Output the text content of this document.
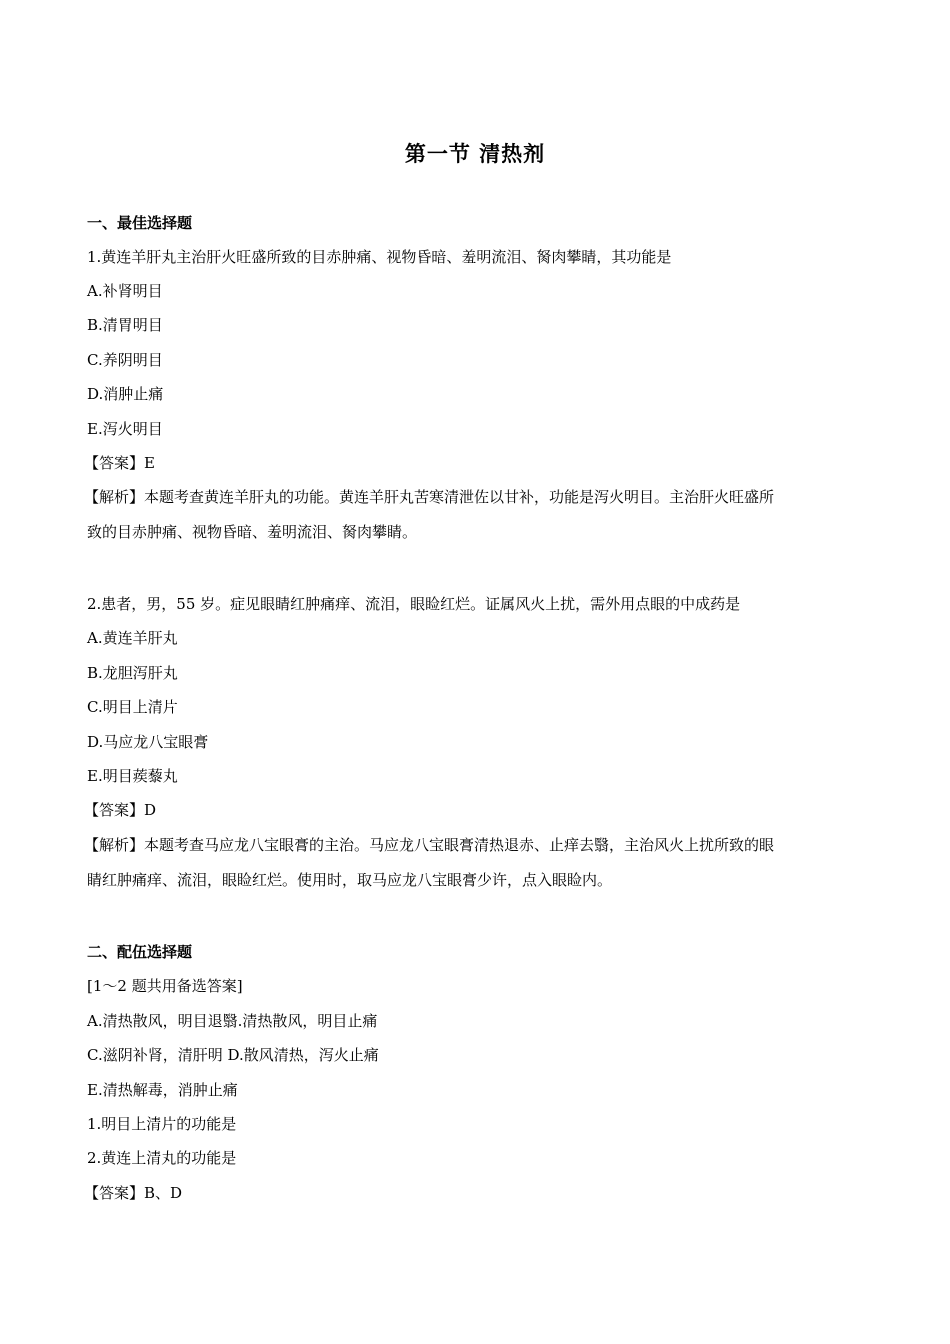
第一节 清热剂
一、最佳选择题
1.黄连羊肝丸主治肝火旺盛所致的目赤肿痛、视物昏暗、羞明流泪、胬肉攀睛，其功能是
A.补肾明目
B.清胃明目
C.养阴明目
D.消肿止痛
E.泻火明目
【答案】E
【解析】本题考查黄连羊肝丸的功能。黄连羊肝丸苦寒清泄佐以甘补，功能是泻火明目。主治肝火旺盛所
致的目赤肿痛、视物昏暗、羞明流泪、胬肉攀睛。
2.患者，男，55 岁。症见眼睛红肿痛痒、流泪，眼睑红烂。证属风火上扰，需外用点眼的中成药是
A.黄连羊肝丸
B.龙胆泻肝丸
C.明目上清片
D.马应龙八宝眼膏
E.明目蒺藜丸
【答案】D
【解析】本题考查马应龙八宝眼膏的主治。马应龙八宝眼膏清热退赤、止痒去翳，主治风火上扰所致的眼
睛红肿痛痒、流泪，眼睑红烂。使用时，取马应龙八宝眼膏少许，点入眼睑内。
二、配伍选择题
[1～2 题共用备选答案]
A.清热散风，明目退翳.清热散风，明目止痛
C.滋阴补肾，清肝明 D.散风清热，泻火止痛
E.清热解毒，消肿止痛
1.明目上清片的功能是
2.黄连上清丸的功能是
【答案】B、D
